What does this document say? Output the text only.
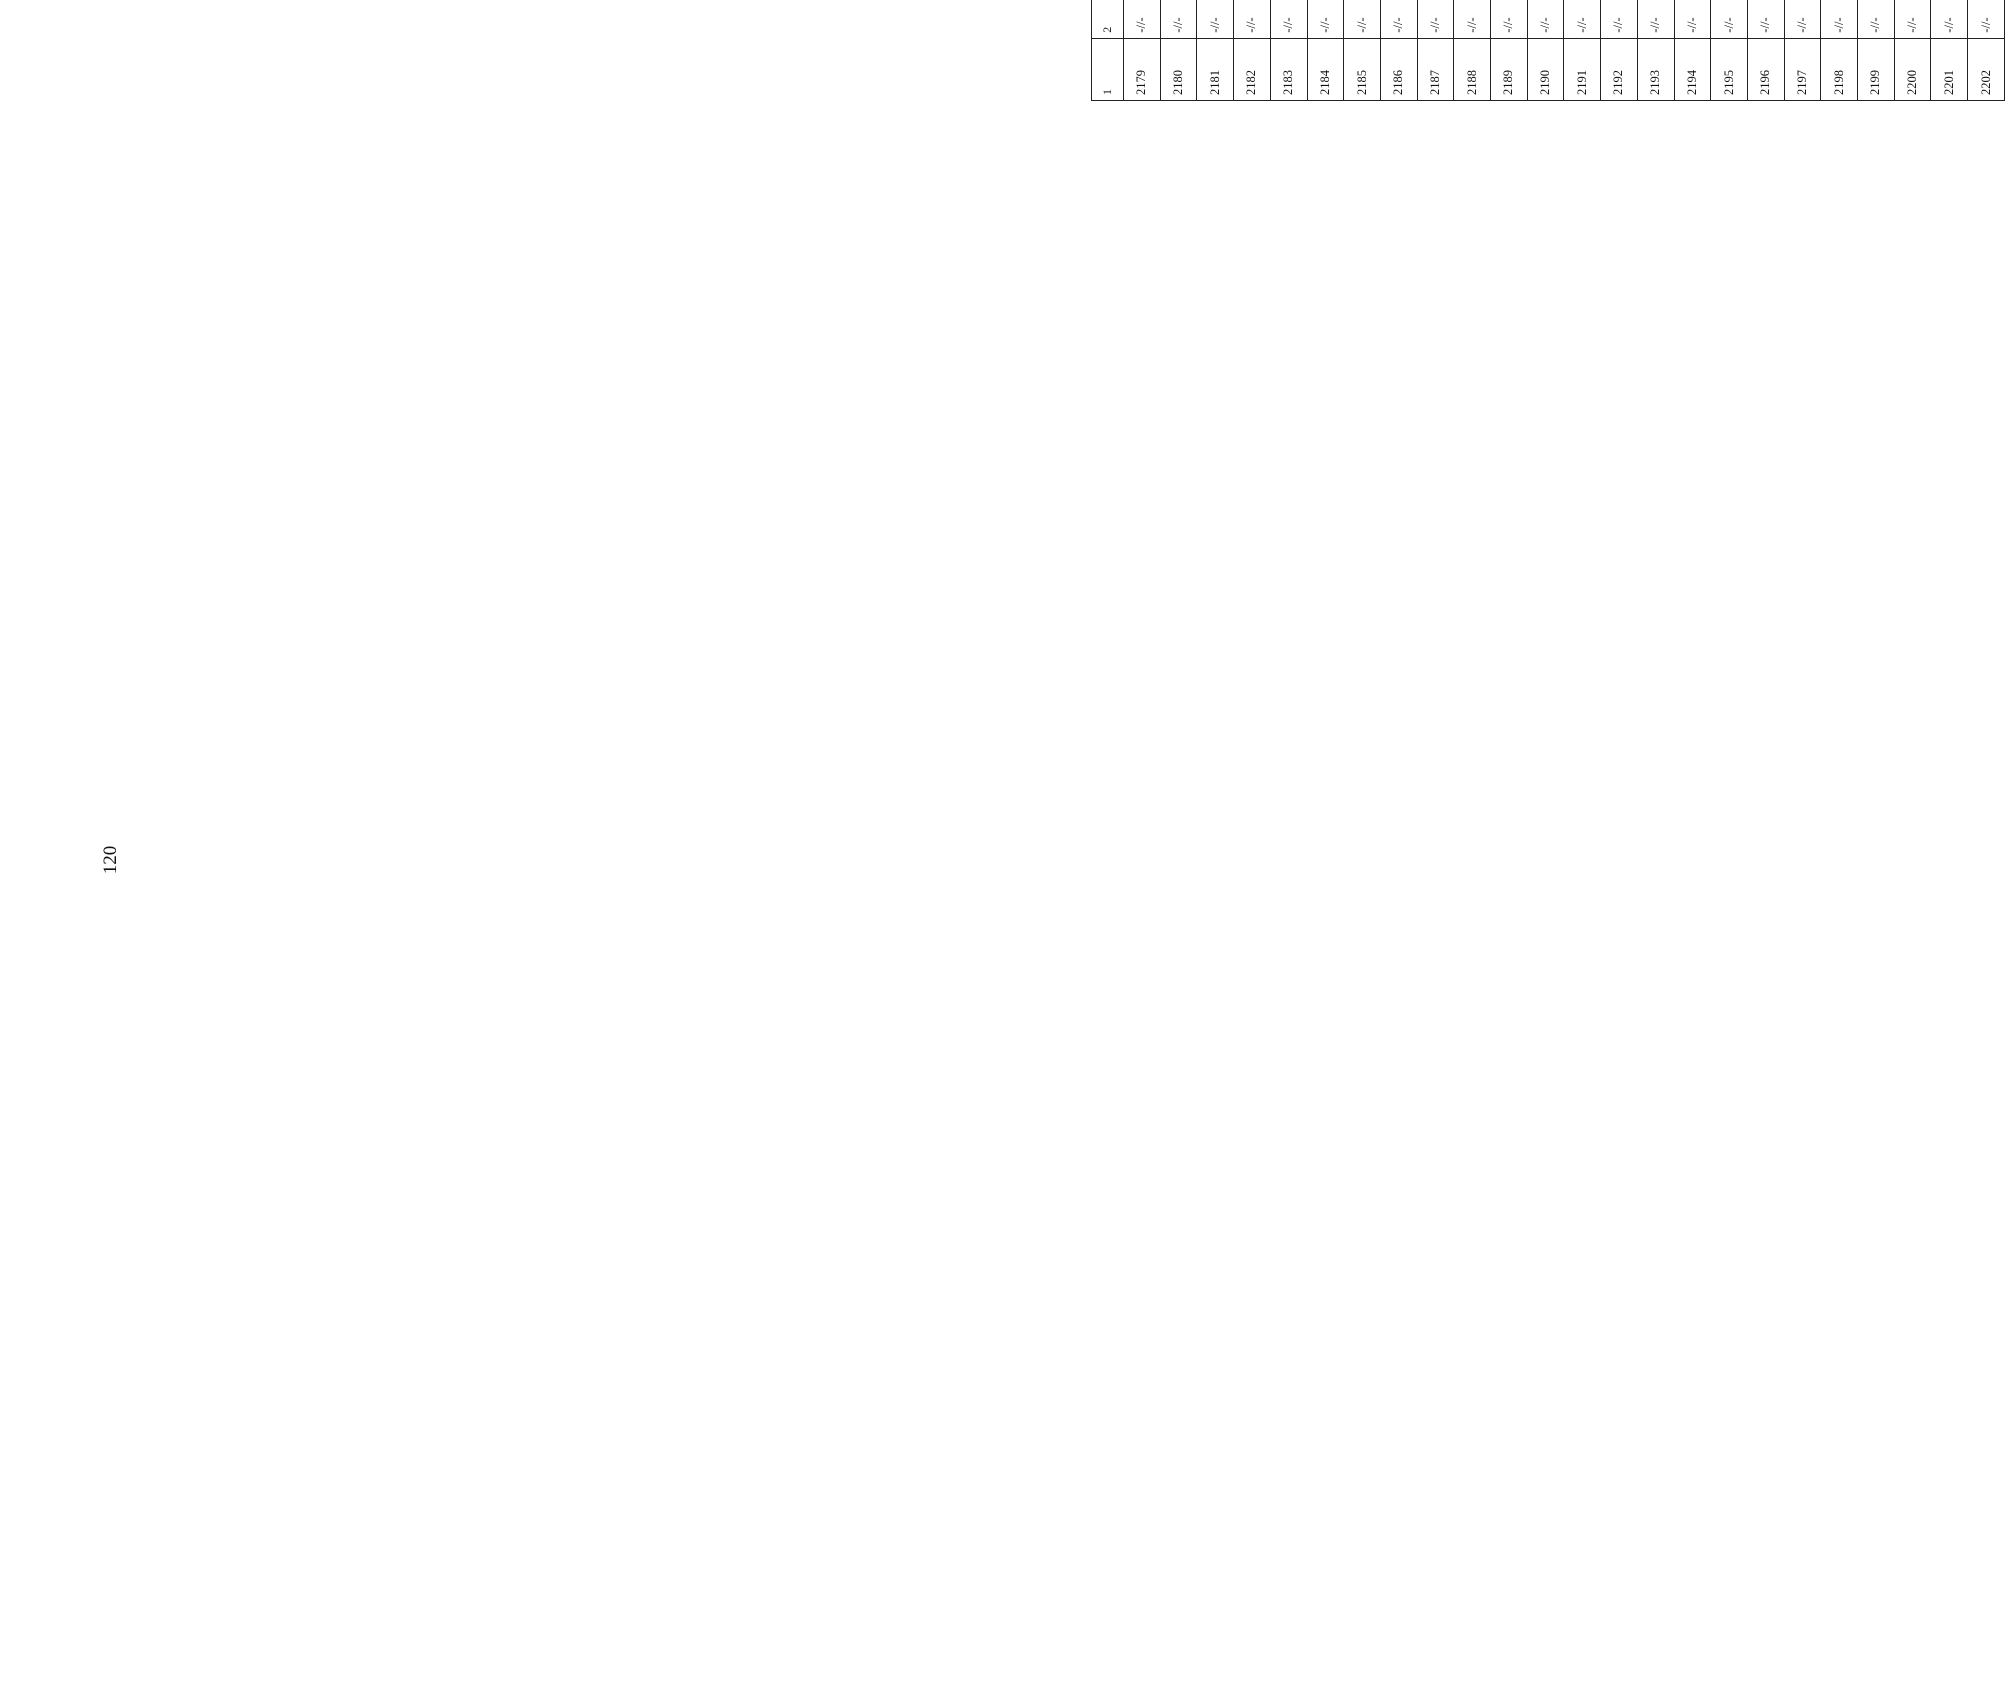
120
1	2										
2179	-//-										
2180	-//-										
2181	-//-										
2182	-//-										
2183	-//-										
2184	-//-										
2185	-//-										
2186	-//-										
2187	-//-										
2188	-//-										
2189	-//-										
2190	-//-										
2191	-//-										
2192	-//-										
2193	-//-										
2194	-//-										
2195	-//-										
2196	-//-										
2197	-//-										
2198	-//-										
2199	-//-										
2200	-//-										
2201	-//-										
2202	-//-										
